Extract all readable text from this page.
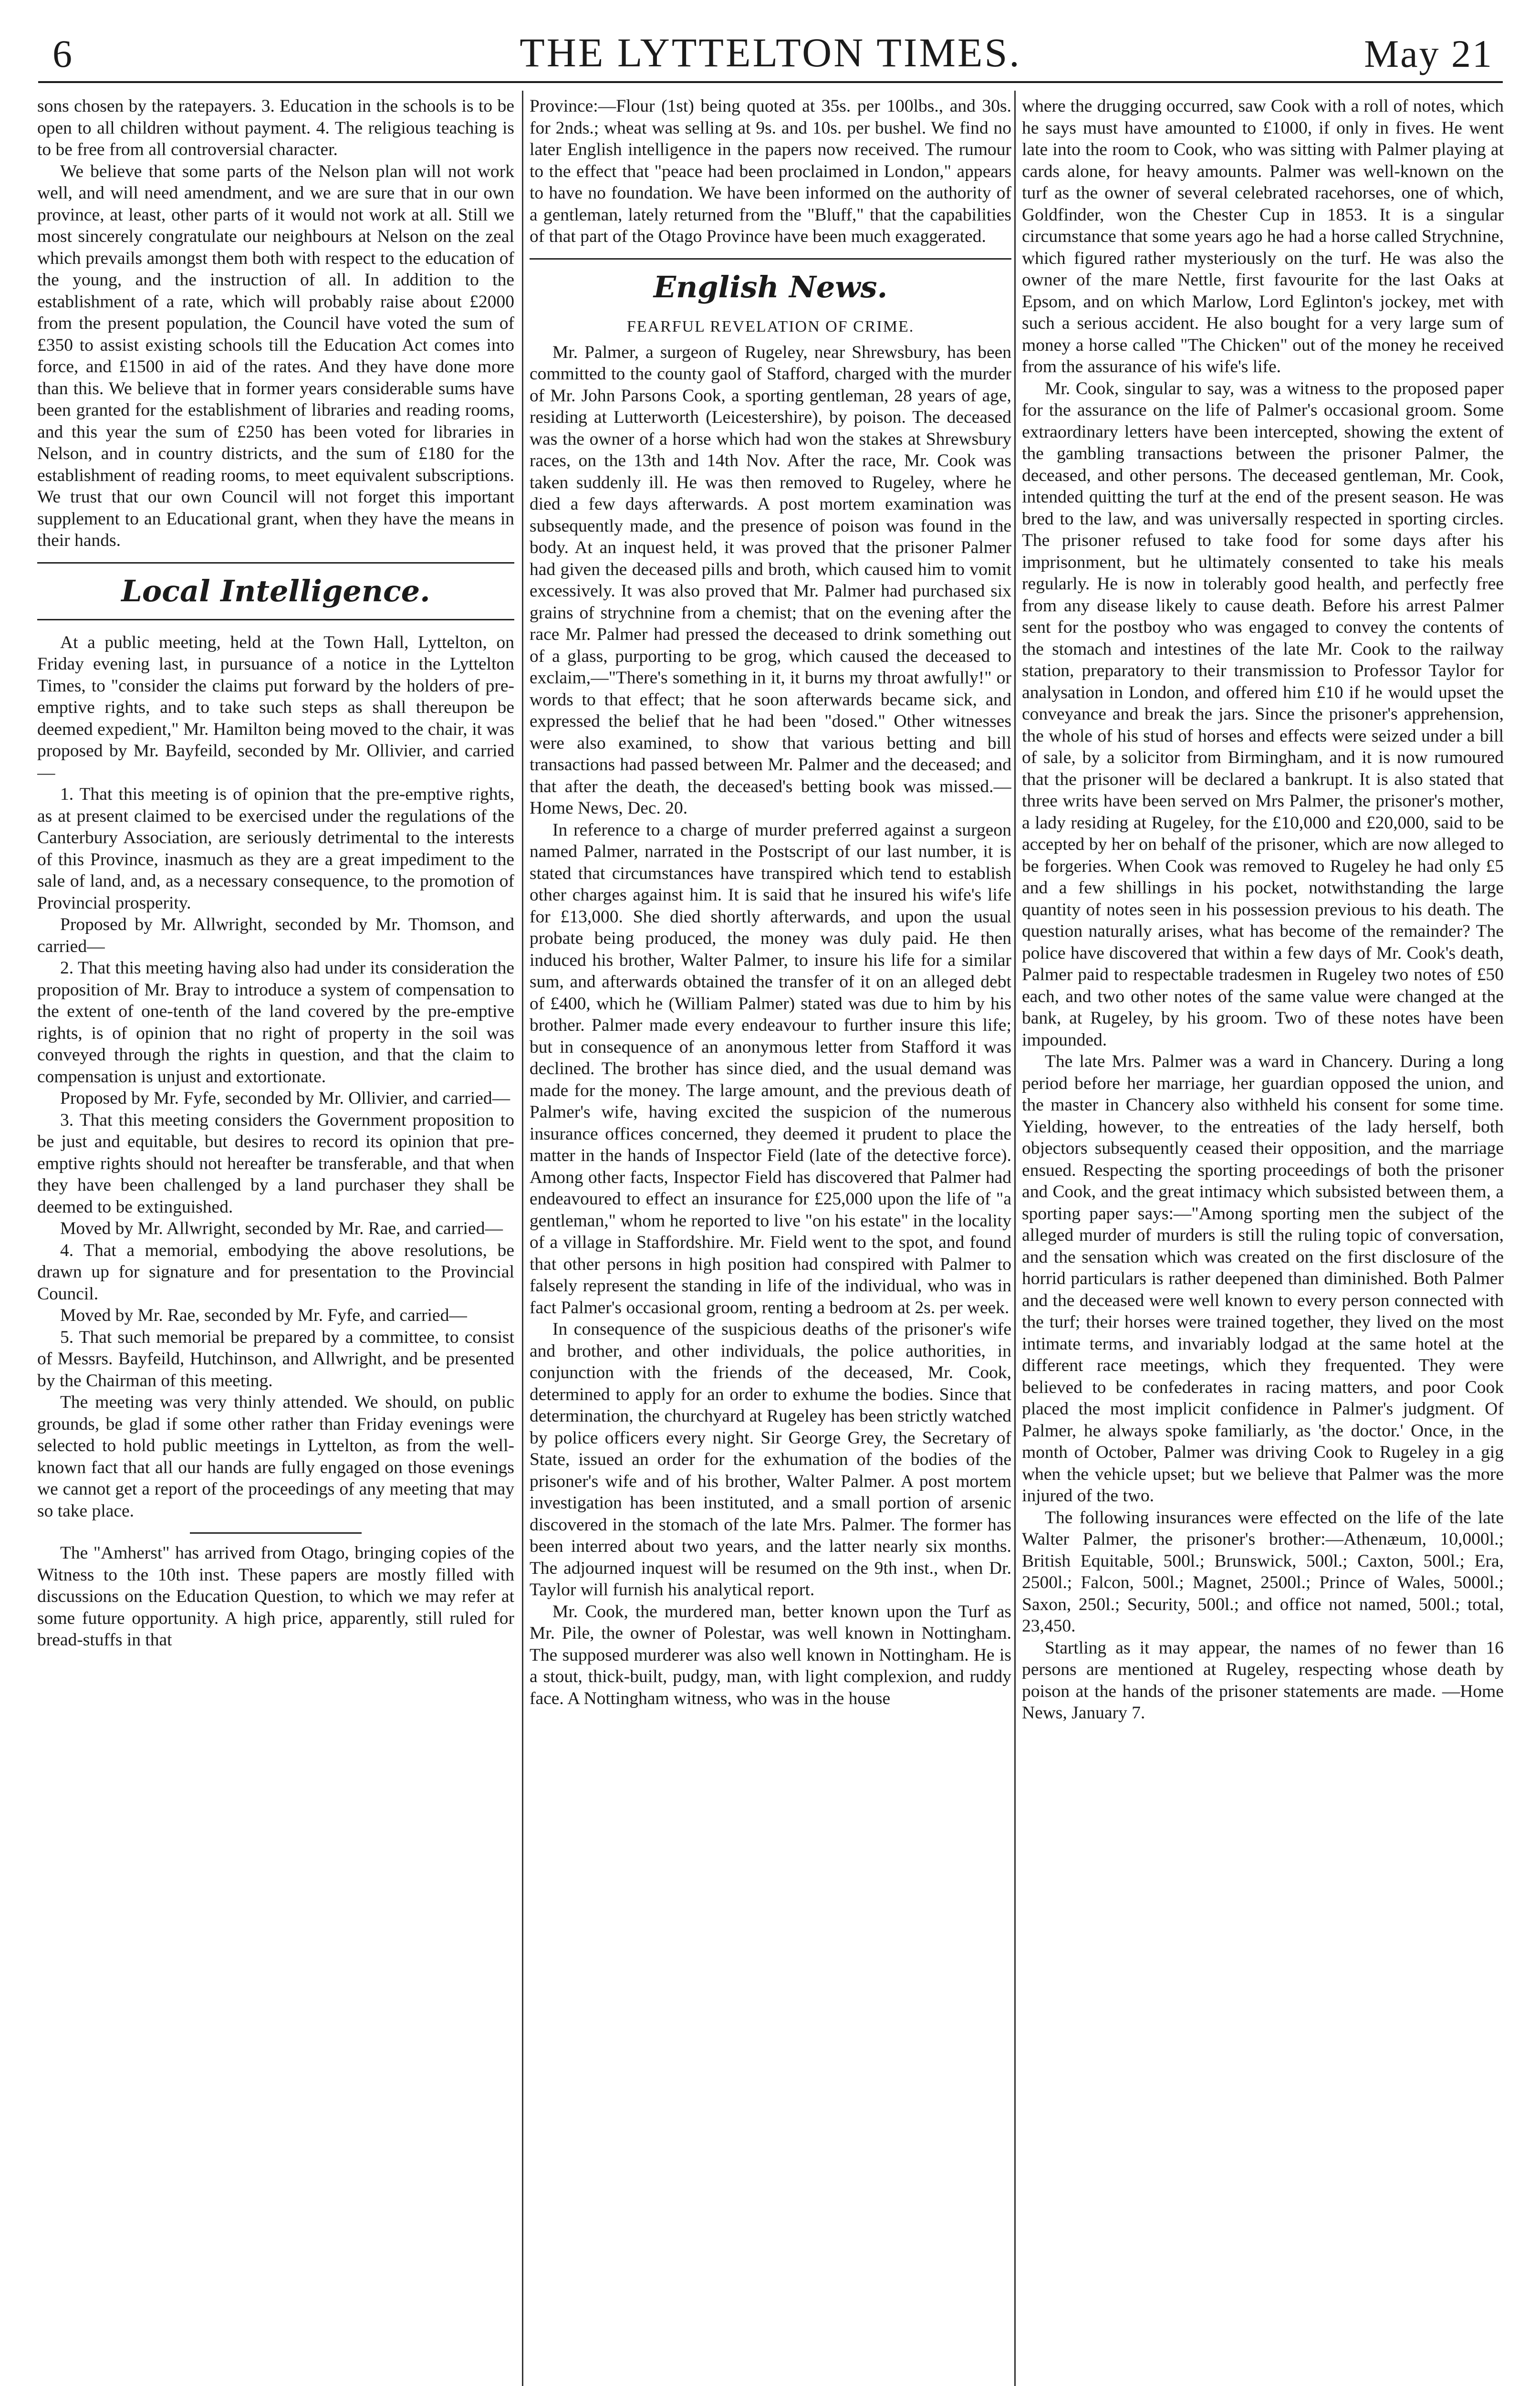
6	THE LYTTELTON TIMES.	May 21

sons chosen by the ratepayers. 3. Education in the schools is to be open to all children without payment. 4. The religious teaching is to be free from all controversial character.

We believe that some parts of the Nelson plan will not work well, and will need amendment, and we are sure that in our own province, at least, other parts of it would not work at all. Still we most sincerely congratulate our neighbours at Nelson on the zeal which prevails amongst them both with respect to the education of the young, and the instruction of all. In addition to the establishment of a rate, which will probably raise about £2000 from the present population, the Council have voted the sum of £350 to assist existing schools till the Education Act comes into force, and £1500 in aid of the rates. And they have done more than this. We believe that in former years considerable sums have been granted for the establishment of libraries and reading rooms, and this year the sum of £250 has been voted for libraries in Nelson, and in country districts, and the sum of £180 for the establishment of reading rooms, to meet equivalent subscriptions. We trust that our own Council will not forget this important supplement to an Educational grant, when they have the means in their hands.

Local Intelligence.

At a public meeting, held at the Town Hall, Lyttelton, on Friday evening last, in pursuance of a notice in the Lyttelton Times, to "consider the claims put forward by the holders of pre-emptive rights, and to take such steps as shall thereupon be deemed expedient," Mr. Hamilton being moved to the chair, it was proposed by Mr. Bayfeild, seconded by Mr. Ollivier, and carried—

1. That this meeting is of opinion that the pre-emptive rights, as at present claimed to be exercised under the regulations of the Canterbury Association, are seriously detrimental to the interests of this Province, inasmuch as they are a great impediment to the sale of land, and, as a necessary consequence, to the promotion of Provincial prosperity.

Proposed by Mr. Allwright, seconded by Mr. Thomson, and carried—

2. That this meeting having also had under its consideration the proposition of Mr. Bray to introduce a system of compensation to the extent of one-tenth of the land covered by the pre-emptive rights, is of opinion that no right of property in the soil was conveyed through the rights in question, and that the claim to compensation is unjust and extortionate.

Proposed by Mr. Fyfe, seconded by Mr. Ollivier, and carried—

3. That this meeting considers the Government proposition to be just and equitable, but desires to record its opinion that pre-emptive rights should not hereafter be transferable, and that when they have been challenged by a land purchaser they shall be deemed to be extinguished.

Moved by Mr. Allwright, seconded by Mr. Rae, and carried—

4. That a memorial, embodying the above resolutions, be drawn up for signature and for presentation to the Provincial Council.

Moved by Mr. Rae, seconded by Mr. Fyfe, and carried—

5. That such memorial be prepared by a committee, to consist of Messrs. Bayfeild, Hutchinson, and Allwright, and be presented by the Chairman of this meeting.

The meeting was very thinly attended. We should, on public grounds, be glad if some other rather than Friday evenings were selected to hold public meetings in Lyttelton, as from the well-known fact that all our hands are fully engaged on those evenings we cannot get a report of the proceedings of any meeting that may so take place.

The "Amherst" has arrived from Otago, bringing copies of the Witness to the 10th inst. These papers are mostly filled with discussions on the Education Question, to which we may refer at some future opportunity. A high price, apparently, still ruled for bread-stuffs in that

Province:—Flour (1st) being quoted at 35s. per 100lbs., and 30s. for 2nds.; wheat was selling at 9s. and 10s. per bushel. We find no later English intelligence in the papers now received. The rumour to the effect that "peace had been proclaimed in London," appears to have no foundation. We have been informed on the authority of a gentleman, lately returned from the "Bluff," that the capabilities of that part of the Otago Province have been much exaggerated.

English News.
FEARFUL REVELATION OF CRIME.

Mr. Palmer, a surgeon of Rugeley, near Shrewsbury, has been committed to the county gaol of Stafford, charged with the murder of Mr. John Parsons Cook, a sporting gentleman, 28 years of age, residing at Lutterworth (Leicestershire), by poison. The deceased was the owner of a horse which had won the stakes at Shrewsbury races, on the 13th and 14th Nov. After the race, Mr. Cook was taken suddenly ill. He was then removed to Rugeley, where he died a few days afterwards. A post mortem examination was subsequently made, and the presence of poison was found in the body. At an inquest held, it was proved that the prisoner Palmer had given the deceased pills and broth, which caused him to vomit excessively. It was also proved that Mr. Palmer had purchased six grains of strychnine from a chemist; that on the evening after the race Mr. Palmer had pressed the deceased to drink something out of a glass, purporting to be grog, which caused the deceased to exclaim,—"There's something in it, it burns my throat awfully!" or words to that effect; that he soon afterwards became sick, and expressed the belief that he had been "dosed." Other witnesses were also examined, to show that various betting and bill transactions had passed between Mr. Palmer and the deceased; and that after the death, the deceased's betting book was missed.—Home News, Dec. 20.

In reference to a charge of murder preferred against a surgeon named Palmer, narrated in the Postscript of our last number, it is stated that circumstances have transpired which tend to establish other charges against him. It is said that he insured his wife's life for £13,000. She died shortly afterwards, and upon the usual probate being produced, the money was duly paid. He then induced his brother, Walter Palmer, to insure his life for a similar sum, and afterwards obtained the transfer of it on an alleged debt of £400, which he (William Palmer) stated was due to him by his brother. Palmer made every endeavour to further insure this life; but in consequence of an anonymous letter from Stafford it was declined. The brother has since died, and the usual demand was made for the money. The large amount, and the previous death of Palmer's wife, having excited the suspicion of the numerous insurance offices concerned, they deemed it prudent to place the matter in the hands of Inspector Field (late of the detective force). Among other facts, Inspector Field has discovered that Palmer had endeavoured to effect an insurance for £25,000 upon the life of "a gentleman," whom he reported to live "on his estate" in the locality of a village in Staffordshire. Mr. Field went to the spot, and found that other persons in high position had conspired with Palmer to falsely represent the standing in life of the individual, who was in fact Palmer's occasional groom, renting a bedroom at 2s. per week.

In consequence of the suspicious deaths of the prisoner's wife and brother, and other individuals, the police authorities, in conjunction with the friends of the deceased, Mr. Cook, determined to apply for an order to exhume the bodies. Since that determination, the churchyard at Rugeley has been strictly watched by police officers every night. Sir George Grey, the Secretary of State, issued an order for the exhumation of the bodies of the prisoner's wife and of his brother, Walter Palmer. A post mortem investigation has been instituted, and a small portion of arsenic discovered in the stomach of the late Mrs. Palmer. The former has been interred about two years, and the latter nearly six months. The adjourned inquest will be resumed on the 9th inst., when Dr. Taylor will furnish his analytical report.

Mr. Cook, the murdered man, better known upon the Turf as Mr. Pile, the owner of Polestar, was well known in Nottingham. The supposed murderer was also well known in Nottingham. He is a stout, thick-built, pudgy, man, with light complexion, and ruddy face. A Nottingham witness, who was in the house

where the drugging occurred, saw Cook with a roll of notes, which he says must have amounted to £1000, if only in fives. He went late into the room to Cook, who was sitting with Palmer playing at cards alone, for heavy amounts. Palmer was well-known on the turf as the owner of several celebrated racehorses, one of which, Goldfinder, won the Chester Cup in 1853. It is a singular circumstance that some years ago he had a horse called Strychnine, which figured rather mysteriously on the turf. He was also the owner of the mare Nettle, first favourite for the last Oaks at Epsom, and on which Marlow, Lord Eglinton's jockey, met with such a serious accident. He also bought for a very large sum of money a horse called "The Chicken" out of the money he received from the assurance of his wife's life.

Mr. Cook, singular to say, was a witness to the proposed paper for the assurance on the life of Palmer's occasional groom. Some extraordinary letters have been intercepted, showing the extent of the gambling transactions between the prisoner Palmer, the deceased, and other persons. The deceased gentleman, Mr. Cook, intended quitting the turf at the end of the present season. He was bred to the law, and was universally respected in sporting circles. The prisoner refused to take food for some days after his imprisonment, but he ultimately consented to take his meals regularly. He is now in tolerably good health, and perfectly free from any disease likely to cause death. Before his arrest Palmer sent for the postboy who was engaged to convey the contents of the stomach and intestines of the late Mr. Cook to the railway station, preparatory to their transmission to Professor Taylor for analysation in London, and offered him £10 if he would upset the conveyance and break the jars. Since the prisoner's apprehension, the whole of his stud of horses and effects were seized under a bill of sale, by a solicitor from Birmingham, and it is now rumoured that the prisoner will be declared a bankrupt. It is also stated that three writs have been served on Mrs Palmer, the prisoner's mother, a lady residing at Rugeley, for the £10,000 and £20,000, said to be accepted by her on behalf of the prisoner, which are now alleged to be forgeries. When Cook was removed to Rugeley he had only £5 and a few shillings in his pocket, notwithstanding the large quantity of notes seen in his possession previous to his death. The question naturally arises, what has become of the remainder? The police have discovered that within a few days of Mr. Cook's death, Palmer paid to respectable tradesmen in Rugeley two notes of £50 each, and two other notes of the same value were changed at the bank, at Rugeley, by his groom. Two of these notes have been impounded.

The late Mrs. Palmer was a ward in Chancery. During a long period before her marriage, her guardian opposed the union, and the master in Chancery also withheld his consent for some time. Yielding, however, to the entreaties of the lady herself, both objectors subsequently ceased their opposition, and the marriage ensued. Respecting the sporting proceedings of both the prisoner and Cook, and the great intimacy which subsisted between them, a sporting paper says:—"Among sporting men the subject of the alleged murder of murders is still the ruling topic of conversation, and the sensation which was created on the first disclosure of the horrid particulars is rather deepened than diminished. Both Palmer and the deceased were well known to every person connected with the turf; their horses were trained together, they lived on the most intimate terms, and invariably lodgad at the same hotel at the different race meetings, which they frequented. They were believed to be confederates in racing matters, and poor Cook placed the most implicit confidence in Palmer's judgment. Of Palmer, he always spoke familiarly, as 'the doctor.' Once, in the month of October, Palmer was driving Cook to Rugeley in a gig when the vehicle upset; but we believe that Palmer was the more injured of the two.

The following insurances were effected on the life of the late Walter Palmer, the prisoner's brother:—Athenæum, 10,000l.; British Equitable, 500l.; Brunswick, 500l.; Caxton, 500l.; Era, 2500l.; Falcon, 500l.; Magnet, 2500l.; Prince of Wales, 5000l.; Saxon, 250l.; Security, 500l.; and office not named, 500l.; total, 23,450.

Startling as it may appear, the names of no fewer than 16 persons are mentioned at Rugeley, respecting whose death by poison at the hands of the prisoner statements are made. —Home News, January 7.
